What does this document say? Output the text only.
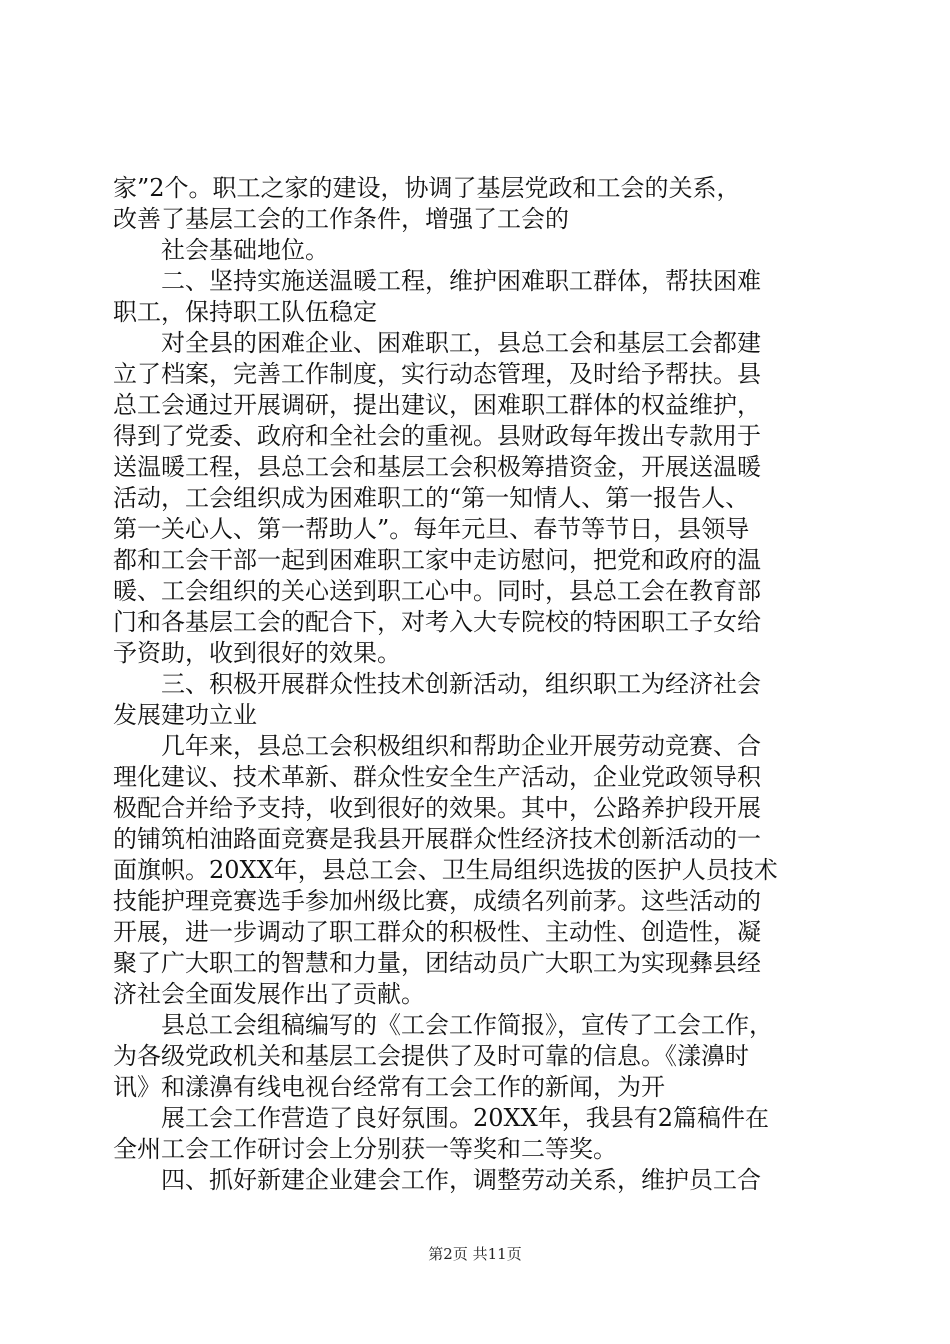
家”2个。职工之家的建设，协调了基层党政和工会的关系，
改善了基层工会的工作条件，增强了工会的
社会基础地位。
二、坚持实施送温暖工程，维护困难职工群体，帮扶困难
职工，保持职工队伍稳定
对全县的困难企业、困难职工，县总工会和基层工会都建
立了档案，完善工作制度，实行动态管理，及时给予帮扶。县
总工会通过开展调研，提出建议，困难职工群体的权益维护，
得到了党委、政府和全社会的重视。县财政每年拨出专款用于
送温暖工程，县总工会和基层工会积极筹措资金，开展送温暖
活动，工会组织成为困难职工的“第一知情人、第一报告人、
第一关心人、第一帮助人”。每年元旦、春节等节日，县领导
都和工会干部一起到困难职工家中走访慰问，把党和政府的温
暖、工会组织的关心送到职工心中。同时，县总工会在教育部
门和各基层工会的配合下，对考入大专院校的特困职工子女给
予资助，收到很好的效果。
三、积极开展群众性技术创新活动，组织职工为经济社会
发展建功立业
几年来，县总工会积极组织和帮助企业开展劳动竞赛、合
理化建议、技术革新、群众性安全生产活动，企业党政领导积
极配合并给予支持，收到很好的效果。其中，公路养护段开展
的铺筑柏油路面竞赛是我县开展群众性经济技术创新活动的一
面旗帜。20XX年，县总工会、卫生局组织选拔的医护人员技术
技能护理竞赛选手参加州级比赛，成绩名列前茅。这些活动的
开展，进一步调动了职工群众的积极性、主动性、创造性，凝
聚了广大职工的智慧和力量，团结动员广大职工为实现彝县经
济社会全面发展作出了贡献。
县总工会组稿编写的《工会工作简报》，宣传了工会工作，
为各级党政机关和基层工会提供了及时可靠的信息。《漾濞时
讯》和漾濞有线电视台经常有工会工作的新闻，为开
展工会工作营造了良好氛围。20XX年，我县有2篇稿件在
全州工会工作研讨会上分别获一等奖和二等奖。
四、抓好新建企业建会工作，调整劳动关系，维护员工合
第2页 共11页
